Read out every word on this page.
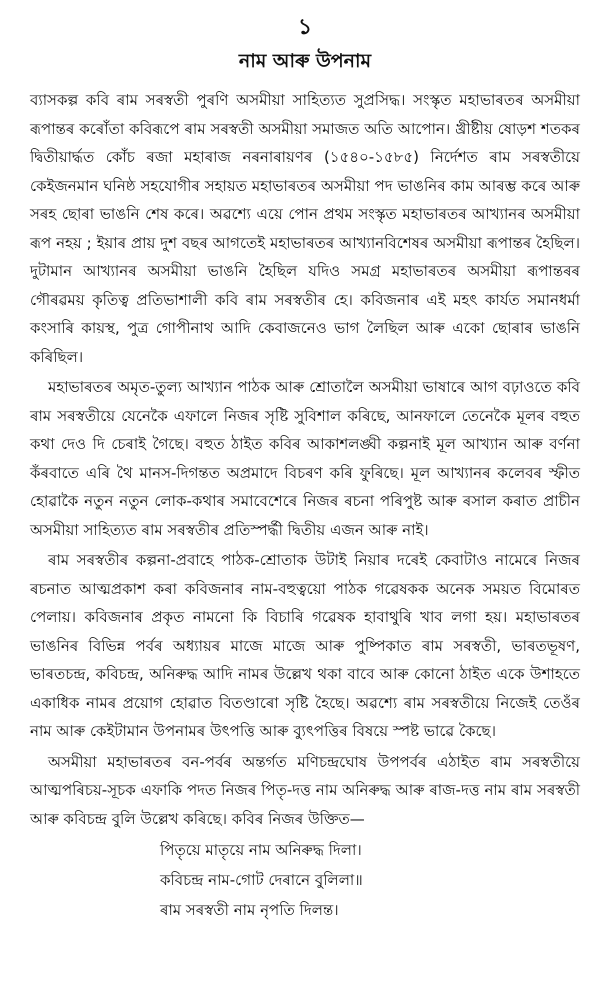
১
নাম আৰু উপনাম

ব্যাসকল্প কবি ৰাম সৰস্বতী পুৰণি অসমীয়া সাহিত্যত সুপ্ৰসিদ্ধ। সংস্কৃত মহাভাৰতৰ অসমীয়া ৰূপান্তৰ কৰোঁতা কবিৰূপে ৰাম সৰস্বতী অসমীয়া সমাজত অতি আপোন। খ্ৰীষ্টীয় ষোড়শ শতকৰ দ্বিতীয়াৰ্দ্ধত কোঁচ ৰজা মহাৰাজ নৰনাৰায়ণৰ (১৫৪০-১৫৮৫) নিৰ্দেশত ৰাম সৰস্বতীয়ে কেইজনমান ঘনিষ্ঠ সহযোগীৰ সহায়ত মহাভাৰতৰ অসমীয়া পদ ভাঙনিৰ কাম আৰম্ভ কৰে আৰু সৰহ ছোৰা ভাঙনি শেষ কৰে। অৱশ্যে এয়ে পোন প্ৰথম সংস্কৃত মহাভাৰতৰ আখ্যানৰ অসমীয়া ৰূপ নহয় ; ইয়াৰ প্ৰায় দুশ বছৰ আগতেই মহাভাৰতৰ আখ্যানবিশেষৰ অসমীয়া ৰূপান্তৰ হৈছিল। দুটামান আখ্যানৰ অসমীয়া ভাঙনি হৈছিল যদিও সমগ্ৰ মহাভাৰতৰ অসমীয়া ৰূপান্তৰৰ গৌৰৱময় কৃতিত্ব প্ৰতিভাশালী কবি ৰাম সৰস্বতীৰ হে। কবিজনাৰ এই মহৎ কাৰ্যত সমানধৰ্মা কংসাৰি কায়স্থ, পুত্ৰ গোপীনাথ আদি কেবাজনেও ভাগ লৈছিল আৰু একো ছোৰাৰ ভাঙনি কৰিছিল।

মহাভাৰতৰ অমৃত-তুল্য আখ্যান পাঠক আৰু শ্ৰোতালৈ অসমীয়া ভাষাৰে আগ বঢ়াওতে কবি ৰাম সৰস্বতীয়ে যেনেকৈ এফালে নিজৰ সৃষ্টি সুবিশাল কৰিছে, আনফালে তেনেকৈ মূলৰ বহুত কথা দেও দি চেৰাই গৈছে। বহুত ঠাইত কবিৰ আকাশলঙ্ঘী কল্পনাই মূল আখ্যান আৰু বৰ্ণনা কঁৰবাতে এৰি থৈ মানস-দিগন্তত অপ্ৰমাদে বিচৰণ কৰি ফুৰিছে। মূল আখ্যানৰ কলেবৰ স্ফীত হোৱাকৈ নতুন নতুন লোক-কথাৰ সমাবেশেৰে নিজৰ ৰচনা পৰিপুষ্ট আৰু ৰসাল কৰাত প্ৰাচীন অসমীয়া সাহিত্যত ৰাম সৰস্বতীৰ প্ৰতিস্পৰ্দ্ধী দ্বিতীয় এজন আৰু নাই।

ৰাম সৰস্বতীৰ কল্পনা-প্ৰবাহে পাঠক-শ্ৰোতাক উটাই নিয়াৰ দৰেই কেবাটাও নামেৰে নিজৰ ৰচনাত আত্মপ্ৰকাশ কৰা কবিজনাৰ নাম-বহুত্বয়ো পাঠক গৱেষকক অনেক সময়ত বিমোৰত পেলায়। কবিজনাৰ প্ৰকৃত নামনো কি বিচাৰি গৱেষক হাবাথুৰি খাব লগা হয়। মহাভাৰতৰ ভাঙনিৰ বিভিন্ন পৰ্বৰ অধ্যায়ৰ মাজে মাজে আৰু পুষ্পিকাত ৰাম সৰস্বতী, ভাৰতভূষণ, ভাৰতচন্দ্ৰ, কবিচন্দ্ৰ, অনিৰুদ্ধ আদি নামৰ উল্লেখ থকা বাবে আৰু কোনো ঠাইত একে উশাহতে একাধিক নামৰ প্ৰয়োগ হোৱাত বিতণ্ডাৰো সৃষ্টি হৈছে। অৱশ্যে ৰাম সৰস্বতীয়ে নিজেই তেওঁৰ নাম আৰু কেইটামান উপনামৰ উৎপত্তি আৰু ব্যুৎপত্তিৰ বিষয়ে স্পষ্ট ভাৱে কৈছে।

অসমীয়া মহাভাৰতৰ বন-পৰ্বৰ অন্তৰ্গত মণিচন্দ্ৰঘোষ উপপৰ্বৰ এঠাইত ৰাম সৰস্বতীয়ে আত্মপৰিচয়-সূচক এফাকি পদত নিজৰ পিতৃ-দত্ত নাম অনিৰুদ্ধ আৰু ৰাজ-দত্ত নাম ৰাম সৰস্বতী আৰু কবিচন্দ্ৰ বুলি উল্লেখ কৰিছে। কবিৰ নিজৰ উক্তিত—

পিতৃয়ে মাতৃয়ে নাম অনিৰুদ্ধ দিলা।
কবিচন্দ্ৰ নাম-গোট দেৰানে বুলিলা॥
ৰাম সৰস্বতী নাম নৃপতি দিলন্ত।
